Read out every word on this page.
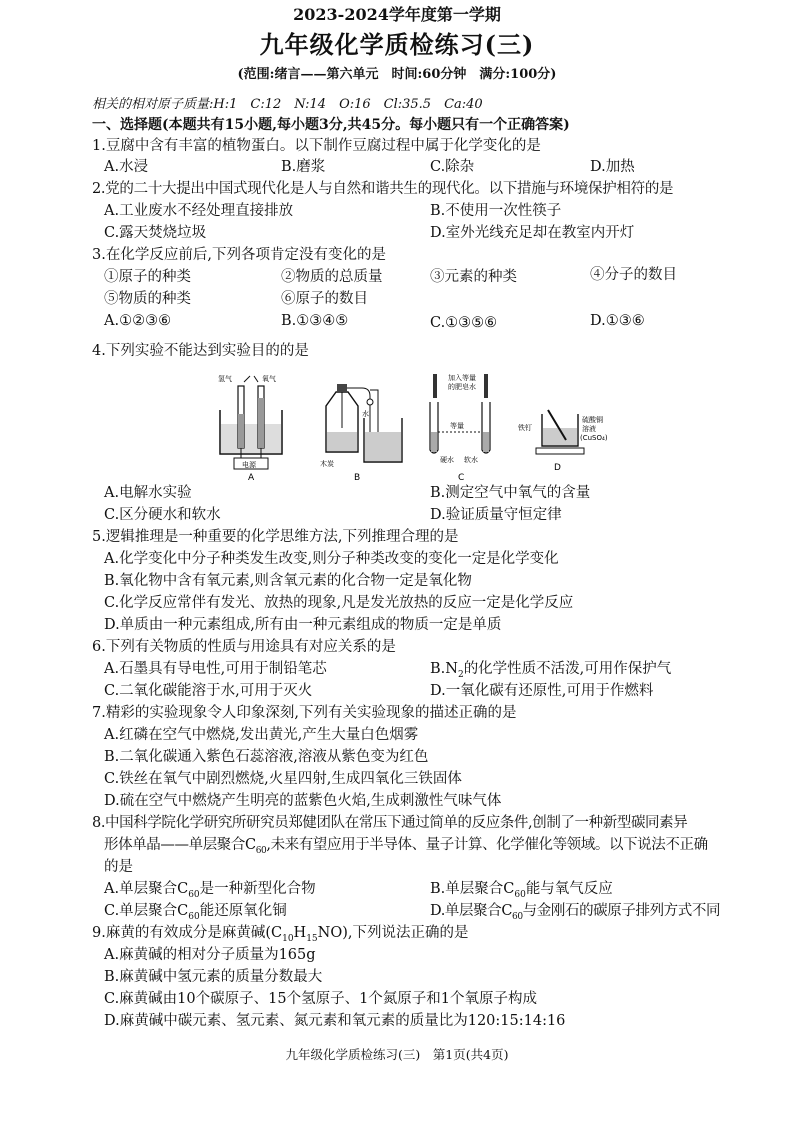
2023-2024学年度第一学期
九年级化学质检练习(三)
(范围:绪言——第六单元　时间:60分钟　满分:100分)
相关的相对原子质量:H:1　C:12　N:14　O:16　Cl:35.5　Ca:40
一、选择题(本题共有15小题,每小题3分,共45分。每小题只有一个正确答案)
1.豆腐中含有丰富的植物蛋白。以下制作豆腐过程中属于化学变化的是
A.水浸	B.磨浆	C.除杂	D.加热
2.党的二十大提出中国式现代化是人与自然和谐共生的现代化。以下措施与环境保护相符的是
A.工业废水不经处理直接排放	B.不使用一次性筷子
C.露天焚烧垃圾	D.室外光线充足却在教室内开灯
3.在化学反应前后,下列各项肯定没有变化的是
①原子的种类	②物质的总质量	③元素的种类	④分子的数目
⑤物质的种类	⑥原子的数目
A.①②③⑥	B.①③④⑤	C.①③⑤⑥	D.①③⑥
4.下列实验不能达到实验目的的是
氢气	氧气
电源
A
水
木炭
B
加入等量
的肥皂水
等量
硬水 软水
C
铁钉
硫酸铜
溶液
(CuSO₄)
D
A.电解水实验	B.测定空气中氧气的含量
C.区分硬水和软水	D.验证质量守恒定律
5.逻辑推理是一种重要的化学思维方法,下列推理合理的是
A.化学变化中分子种类发生改变,则分子种类改变的变化一定是化学变化
B.氧化物中含有氧元素,则含氧元素的化合物一定是氧化物
C.化学反应常伴有发光、放热的现象,凡是发光放热的反应一定是化学反应
D.单质由一种元素组成,所有由一种元素组成的物质一定是单质
6.下列有关物质的性质与用途具有对应关系的是
A.石墨具有导电性,可用于制铅笔芯	$B.N_2$的化学性质不活泼,可用作保护气
C.二氧化碳能溶于水,可用于灭火	D.一氧化碳有还原性,可用于作燃料
7.精彩的实验现象令人印象深刻,下列有关实验现象的描述正确的是
A.红磷在空气中燃烧,发出黄光,产生大量白色烟雾
B.二氧化碳通入紫色石蕊溶液,溶液从紫色变为红色
C.铁丝在氧气中剧烈燃烧,火星四射,生成四氧化三铁固体
D.硫在空气中燃烧产生明亮的蓝紫色火焰,生成刺激性气味气体
8.中国科学院化学研究所研究员郑健团队在常压下通过简单的反应条件,创制了一种新型碳同素异
形体单晶——单层聚合$C_{60}$,未来有望应用于半导体、量子计算、化学催化等领域。以下说法不正确
的是
A.单层聚合$C_{60}$是一种新型化合物	B.单层聚合$C_{60}$能与氧气反应
C.单层聚合$C_{60}$能还原氧化铜	D.单层聚合$C_{60}$与金刚石的碳原子排列方式不同
9.麻黄的有效成分是麻黄碱$(C_{10}H_{15}NO)$,下列说法正确的是
A.麻黄碱的相对分子质量为165g
B.麻黄碱中氢元素的质量分数最大
C.麻黄碱由10个碳原子、15个氢原子、1个氮原子和1个氧原子构成
D.麻黄碱中碳元素、氢元素、氮元素和氧元素的质量比为120:15:14:16
九年级化学质检练习(三)　第1页(共4页)
